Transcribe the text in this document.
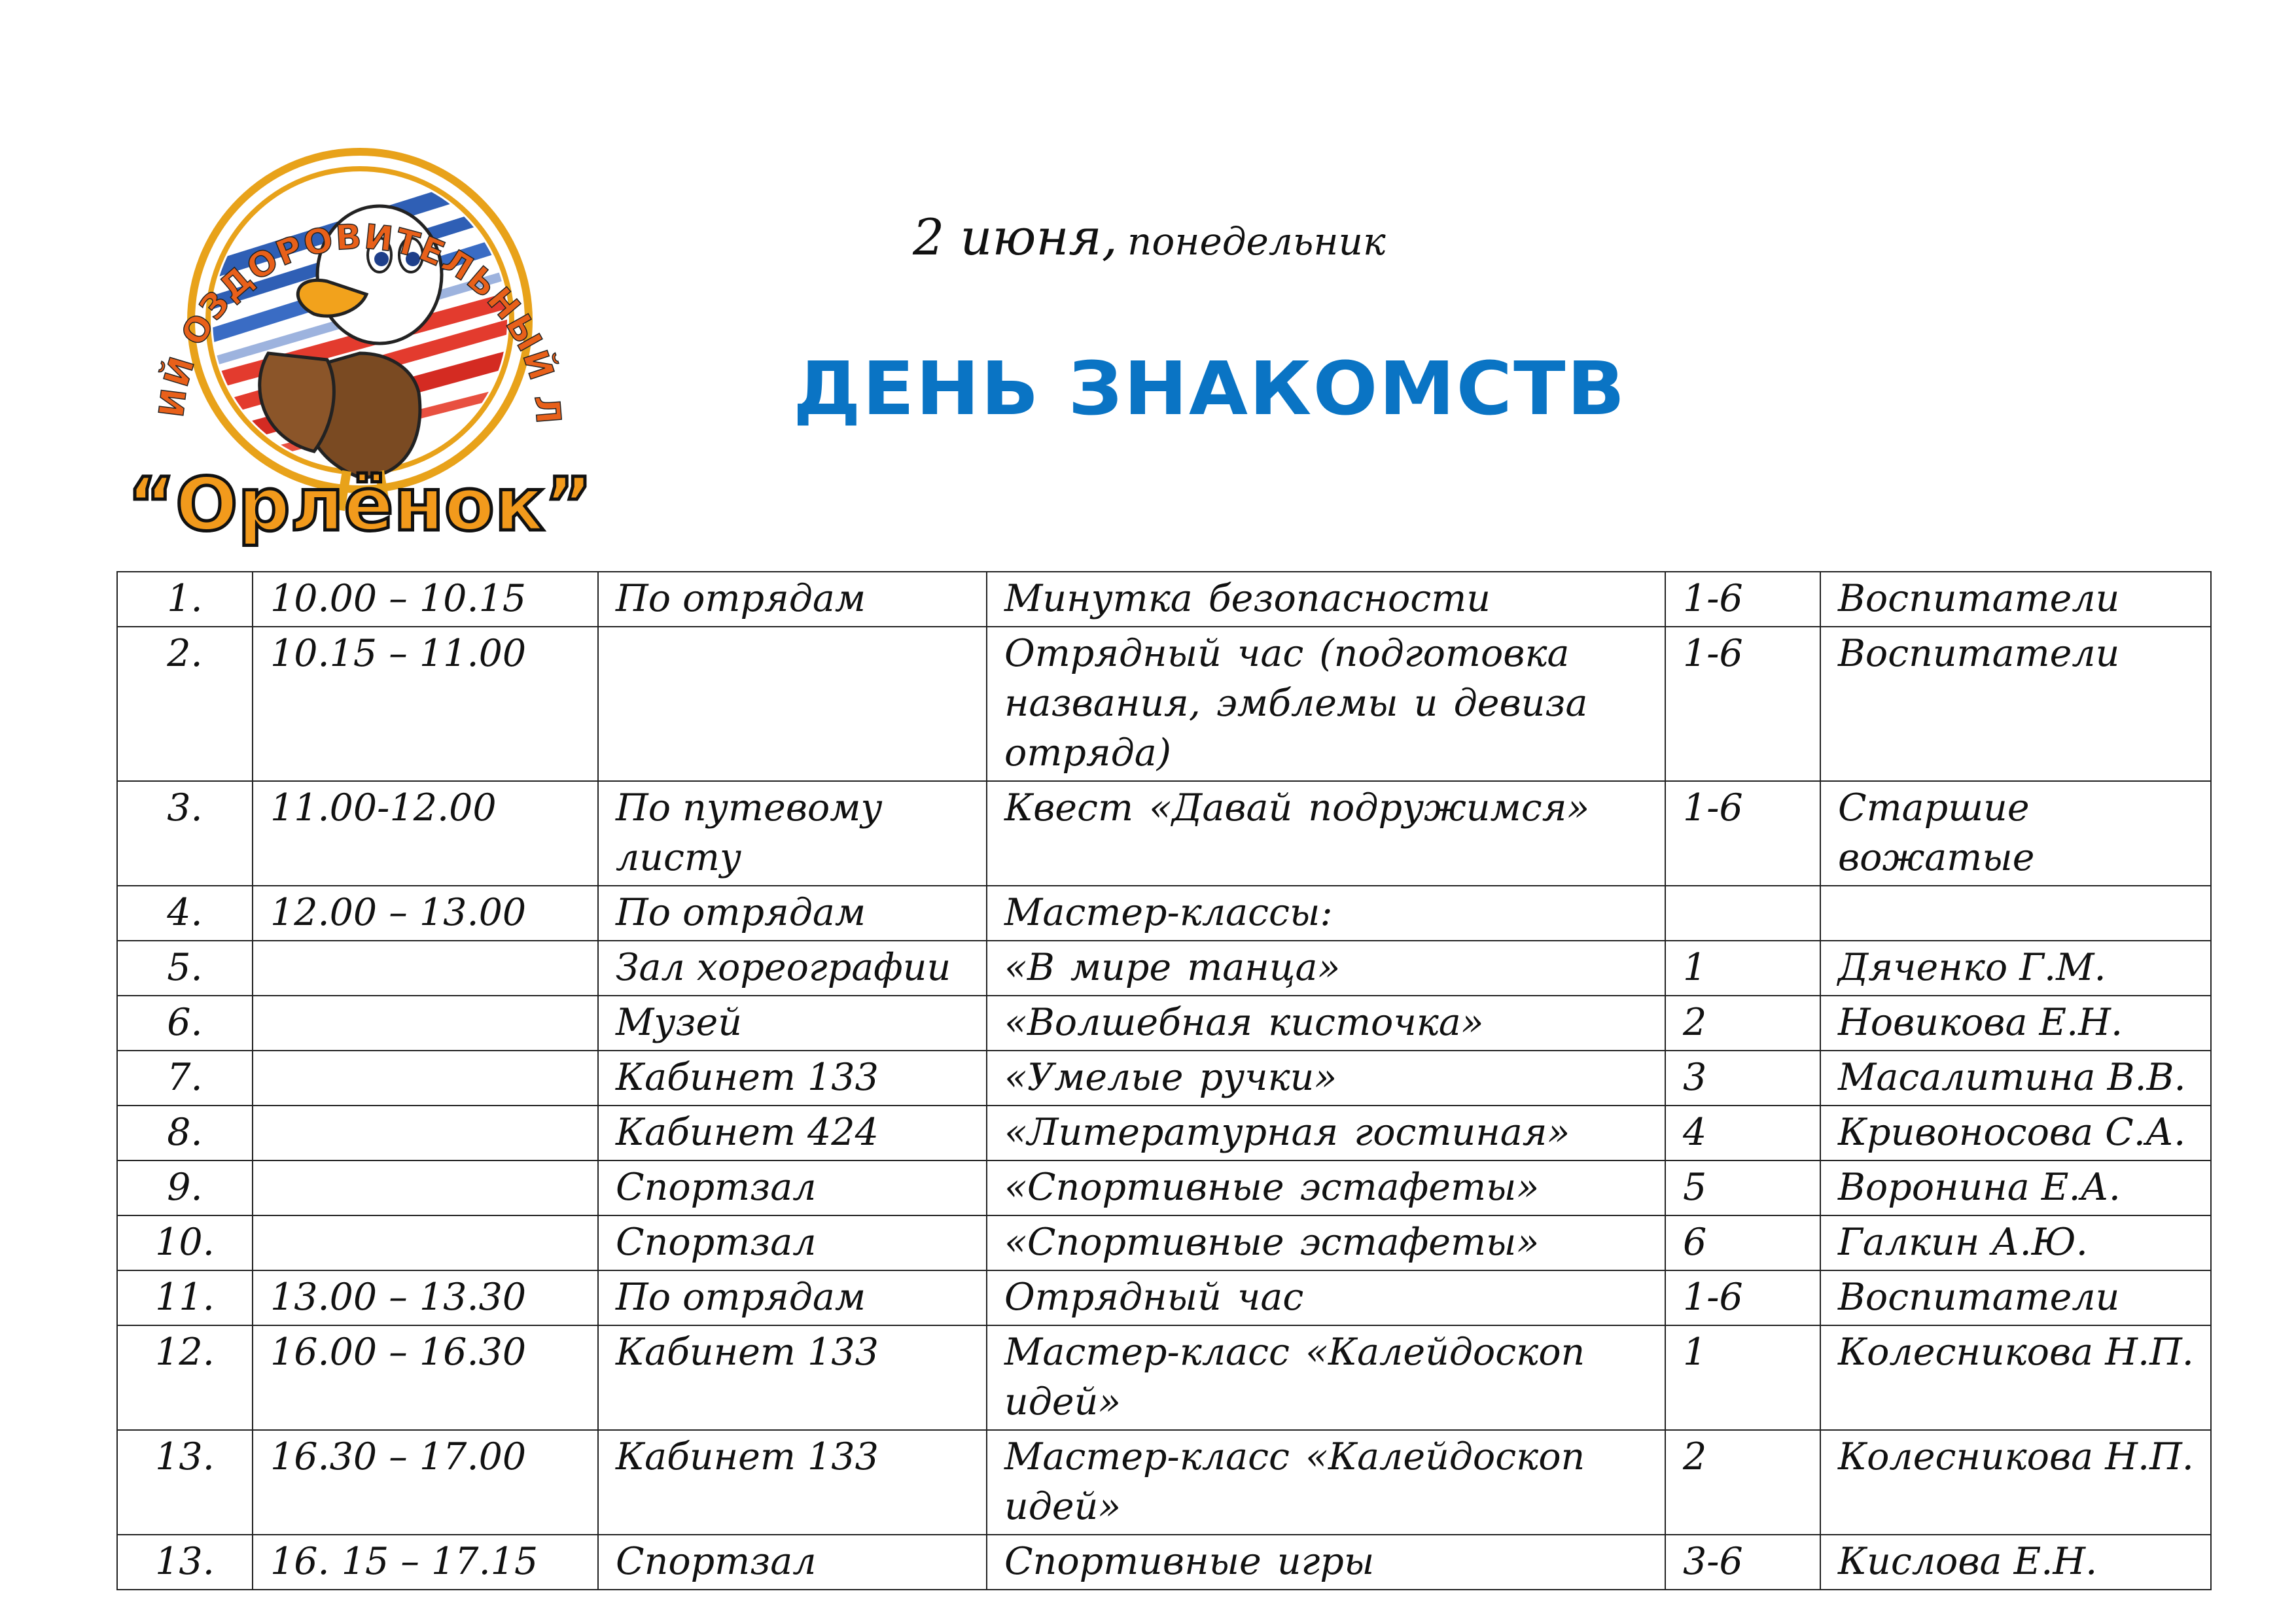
ИЙ ОЗДОРОВИТЕЛЬНЫЙ Л
“Орлёнок”
2 июня, понедельник
ДЕНЬ ЗНАКОМСТВ
1.	10.00 – 10.15	По отрядам	Минутка безопасности	1-6	Воспитатели
2.	10.15 – 11.00		Отрядный час (подготовка названия, эмблемы и девиза отряда)	1-6	Воспитатели
3.	11.00-12.00	По путевому листу	Квест «Давай подружимся»	1-6	Старшие вожатые
4.	12.00 – 13.00	По отрядам	Мастер-классы:		
5.		Зал хореографии	«В мире танца»	1	Дяченко Г.М.
6.		Музей	«Волшебная кисточка»	2	Новикова Е.Н.
7.		Кабинет 133	«Умелые ручки»	3	Масалитина В.В.
8.		Кабинет 424	«Литературная гостиная»	4	Кривоносова С.А.
9.		Спортзал	«Спортивные эстафеты»	5	Воронина Е.А.
10.		Спортзал	«Спортивные эстафеты»	6	Галкин А.Ю.
11.	13.00 – 13.30	По отрядам	Отрядный час	1-6	Воспитатели
12.	16.00 – 16.30	Кабинет 133	Мастер-класс «Калейдоскоп идей»	1	Колесникова Н.П.
13.	16.30 – 17.00	Кабинет 133	Мастер-класс «Калейдоскоп идей»	2	Колесникова Н.П.
13.	16. 15 – 17.15	Спортзал	Спортивные игры	3-6	Кислова Е.Н.
